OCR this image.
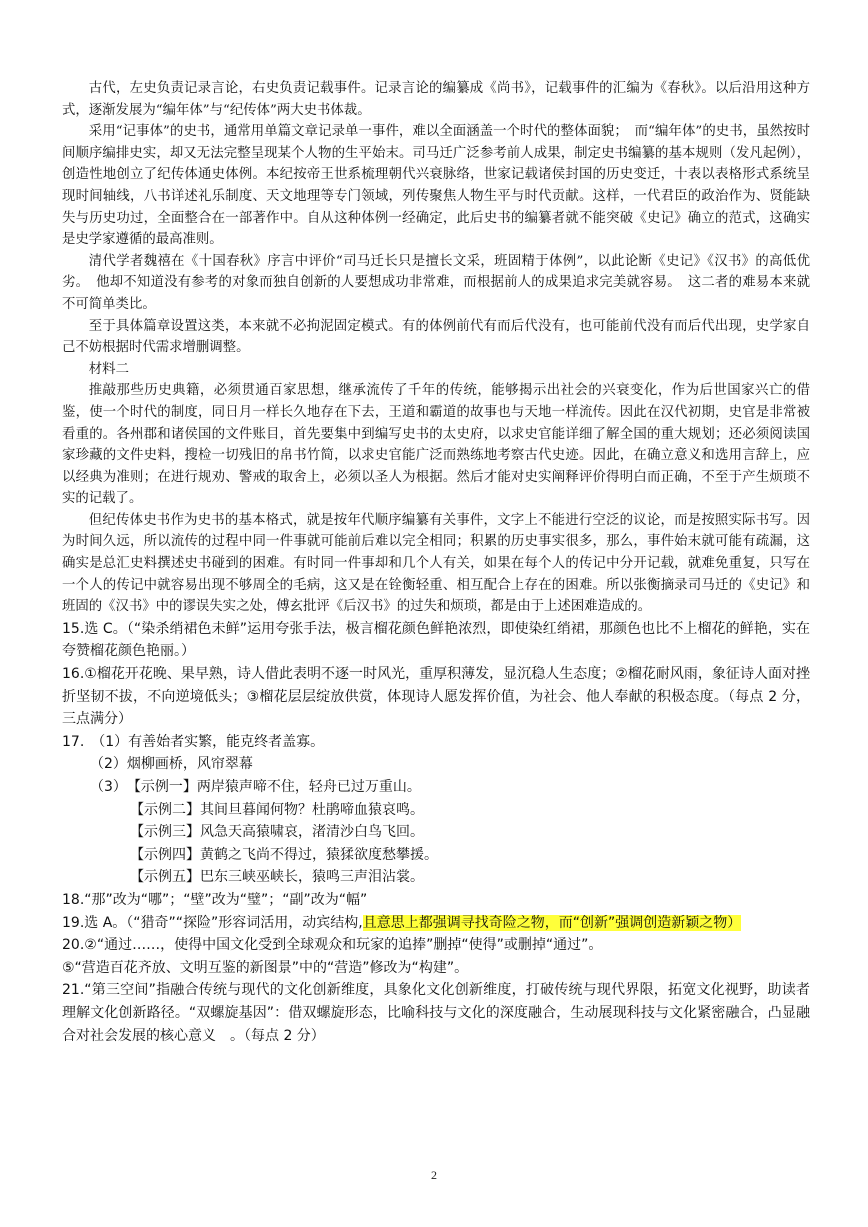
古代，左史负责记录言论，右史负责记载事件。记录言论的编纂成《尚书》，记载事件的汇编为《春秋》。以后沿用这种方式，逐渐发展为“编年体”与“纪传体”两大史书体裁。

采用“记事体”的史书，通常用单篇文章记录单一事件，难以全面涵盖一个时代的整体面貌；　而“编年体”的史书，虽然按时间顺序编排史实，却又无法完整呈现某个人物的生平始末。司马迁广泛参考前人成果，制定史书编纂的基本规则（发凡起例），创造性地创立了纪传体通史体例。本纪按帝王世系梳理朝代兴衰脉络，世家记载诸侯封国的历史变迁，十表以表格形式系统呈现时间轴线，八书详述礼乐制度、天文地理等专门领域，列传聚焦人物生平与时代贡献。这样，一代君臣的政治作为、贤能缺失与历史功过，全面整合在一部著作中。自从这种体例一经确定，此后史书的编纂者就不能突破《史记》确立的范式，这确实是史学家遵循的最高准则。

清代学者魏禧在《十国春秋》序言中评价“司马迁长只是擅长文采，班固精于体例”，以此论断《史记》《汉书》的高低优劣。　他却不知道没有参考的对象而独自创新的人要想成功非常难，而根据前人的成果追求完美就容易。　这二者的难易本来就不可简单类比。

至于具体篇章设置这类，本来就不必拘泥固定模式。有的体例前代有而后代没有，也可能前代没有而后代出现，史学家自己不妨根据时代需求增删调整。

材料二

推敲那些历史典籍，必须贯通百家思想，继承流传了千年的传统，能够揭示出社会的兴衰变化，作为后世国家兴亡的借鉴，使一个时代的制度，同日月一样长久地存在下去，王道和霸道的故事也与天地一样流传。因此在汉代初期，史官是非常被看重的。各州郡和诸侯国的文件账目，首先要集中到编写史书的太史府，以求史官能详细了解全国的重大规划；还必须阅读国家珍藏的文件史料，搜检一切残旧的帛书竹简，以求史官能广泛而熟练地考察古代史迹。因此，在确立意义和选用言辞上，应以经典为准则；在进行规劝、警戒的取舍上，必须以圣人为根据。然后才能对史实阐释评价得明白而正确，不至于产生烦琐不实的记载了。

但纪传体史书作为史书的基本格式，就是按年代顺序编纂有关事件，文字上不能进行空泛的议论，而是按照实际书写。因为时间久远，所以流传的过程中同一件事就可能前后难以完全相同；积累的历史事实很多，那么，事件始末就可能有疏漏，这确实是总汇史料撰述史书碰到的困难。有时同一件事却和几个人有关，如果在每个人的传记中分开记载，就难免重复，只写在一个人的传记中就容易出现不够周全的毛病，这又是在铨衡轻重、相互配合上存在的困难。所以张衡摘录司马迁的《史记》和班固的《汉书》中的谬误失实之处，傅玄批评《后汉书》的过失和烦琐，都是由于上述困难造成的。

15.选 C。（“染杀绡裙色未鲜”运用夸张手法，极言榴花颜色鲜艳浓烈，即使染红绡裙，那颜色也比不上榴花的鲜艳，实在夸赞榴花颜色艳丽。）

16.①榴花开花晚、果早熟，诗人借此表明不逐一时风光，重厚积薄发，显沉稳人生态度；②榴花耐风雨，象征诗人面对挫折坚韧不拔，不向逆境低头；③榴花层层绽放供赏，体现诗人愿发挥价值，为社会、他人奉献的积极态度。（每点 2 分，三点满分）

17.　（1）有善始者实繁，能克终者盖寡。

（2）烟柳画桥，风帘翠幕

（3）　【示例一】两岸猿声啼不住，轻舟已过万重山。

【示例二】其间旦暮闻何物？杜鹃啼血猿哀鸣。

【示例三】风急天高猿啸哀，渚清沙白鸟飞回。

【示例四】黄鹤之飞尚不得过，猿猱欲度愁攀援。

【示例五】巴东三峡巫峡长，猿鸣三声泪沾裳。

18.“那”改为“哪”；“壁”改为“璧”；“副”改为“幅”

19.选 A。（“猎奇”“探险”形容词活用，动宾结构,且意思上都强调寻找奇险之物，而“创新”强调创造新颖之物）

20.②“通过……，使得中国文化受到全球观众和玩家的追捧”删掉“使得”或删掉“通过”。

⑤“营造百花齐放、文明互鉴的新图景”中的“营造”修改为“构建”。

21.“第三空间”指融合传统与现代的文化创新维度，具象化文化创新维度，打破传统与现代界限，拓宽文化视野，助读者理解文化创新路径。“双螺旋基因”：借双螺旋形态，比喻科技与文化的深度融合，生动展现科技与文化紧密融合，凸显融合对社会发展的核心意义　。（每点 2 分）

2
